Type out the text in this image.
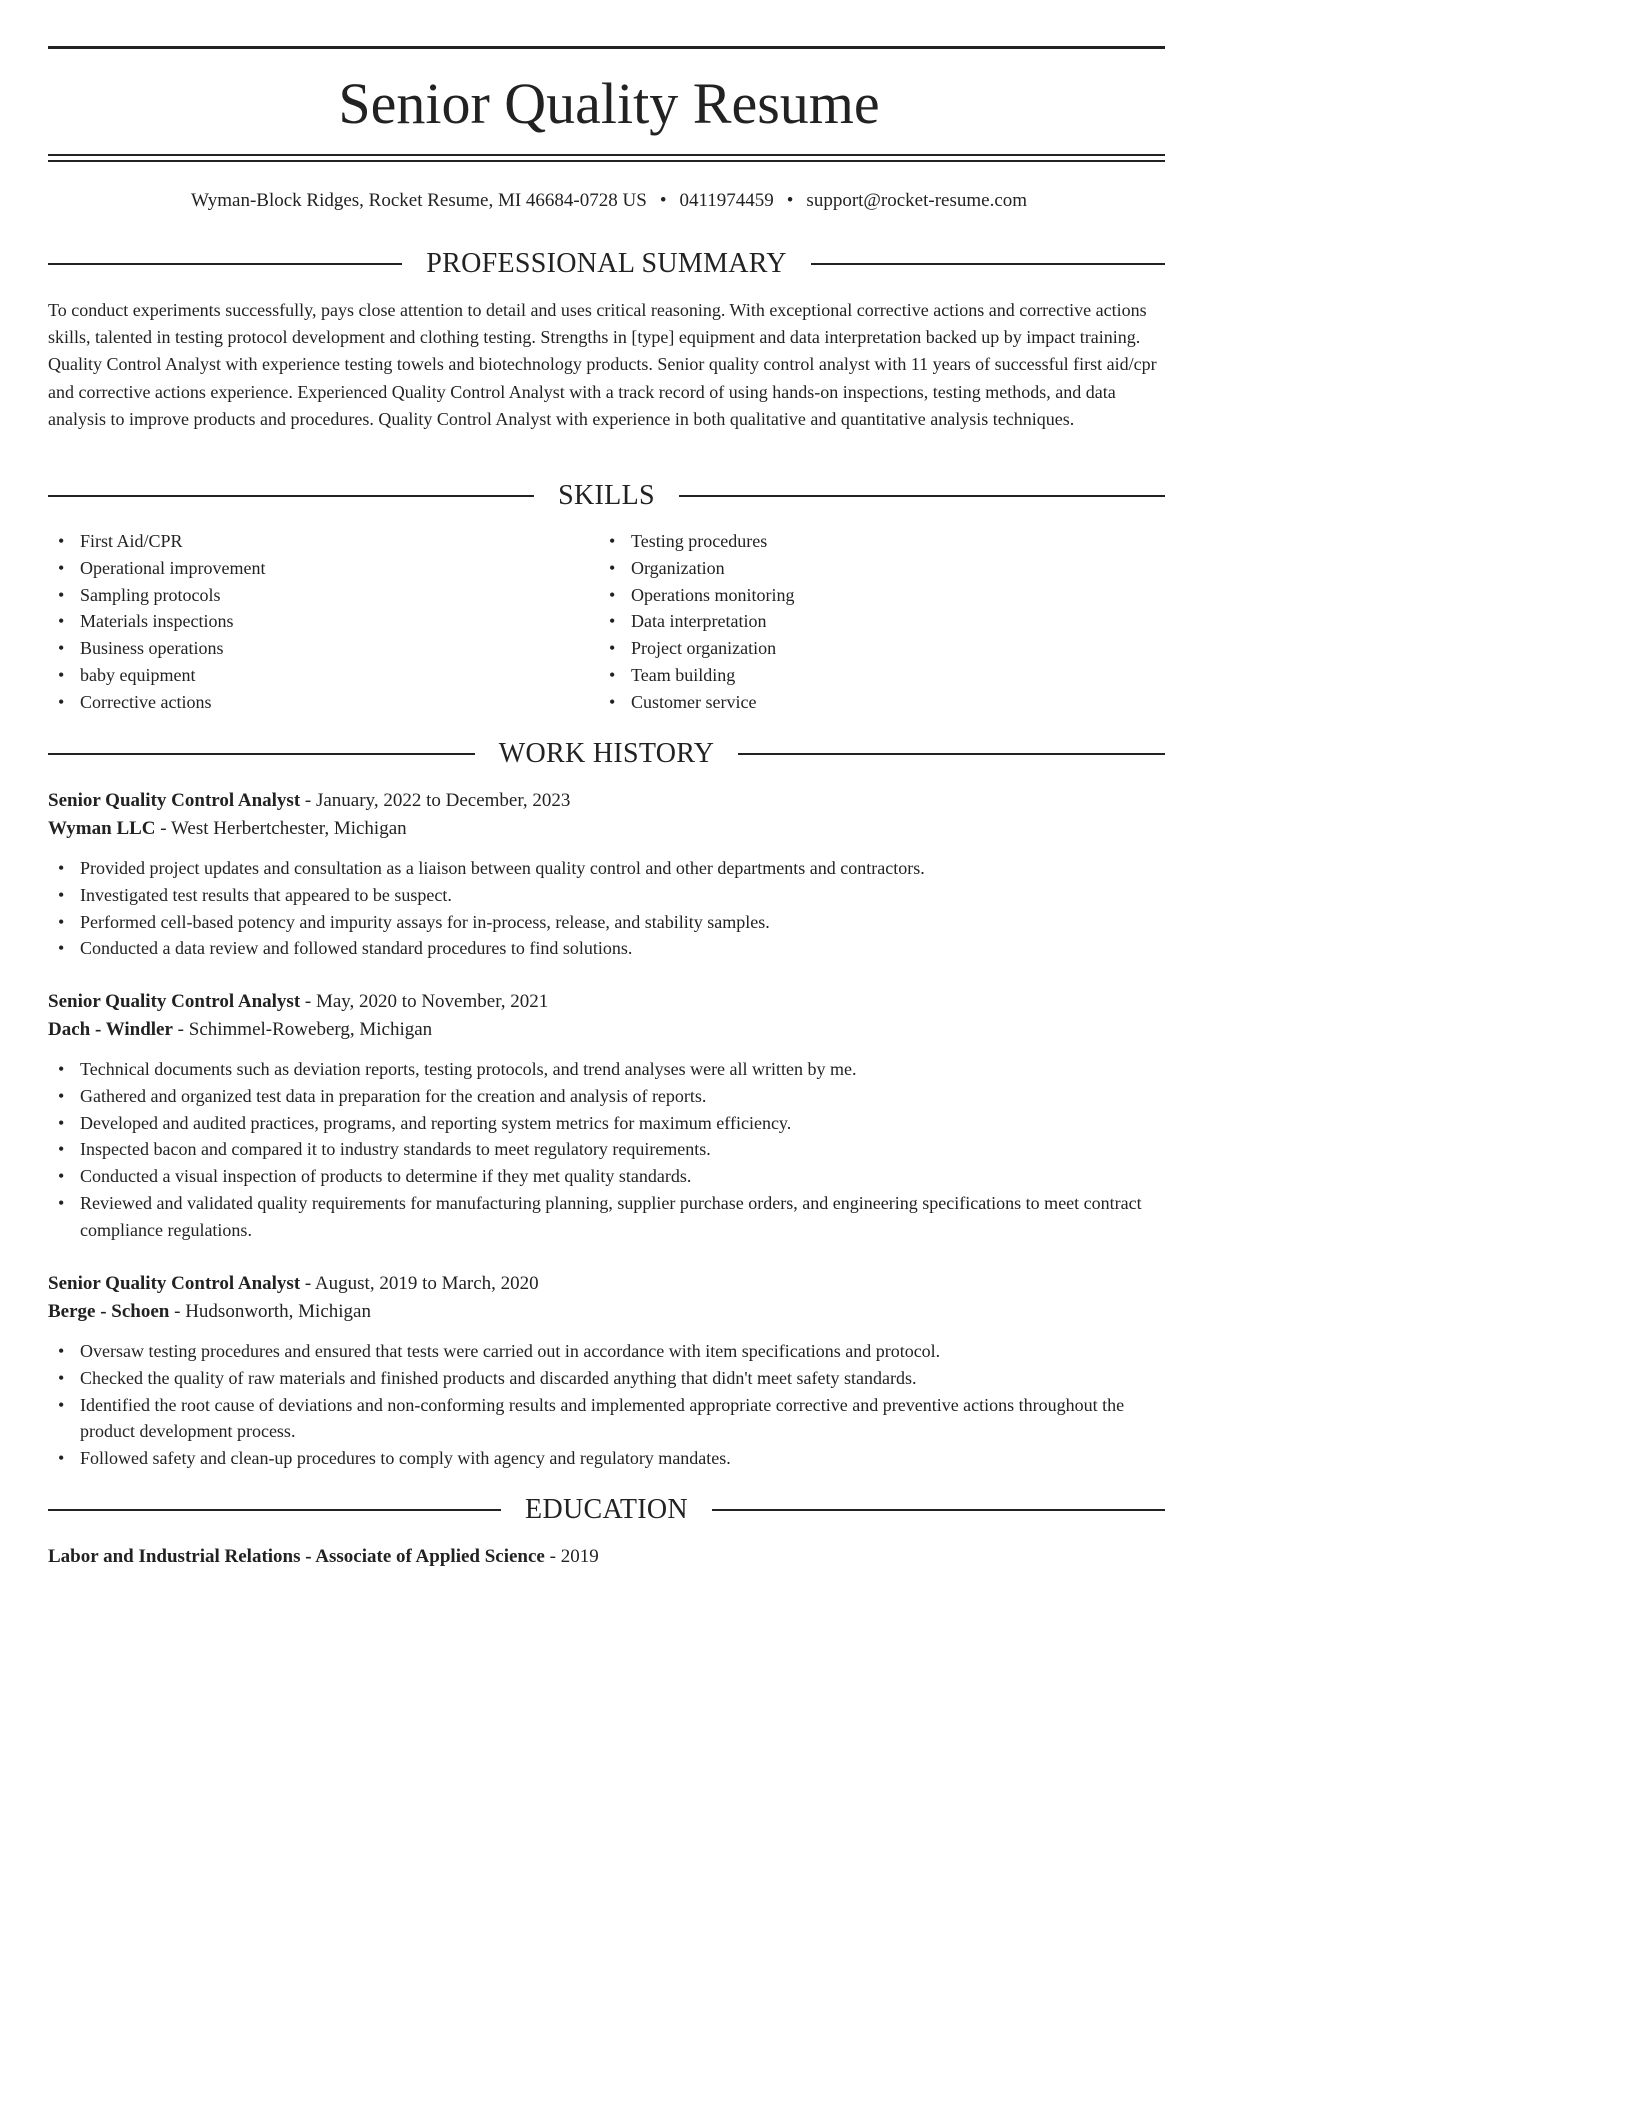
Senior Quality Resume
Wyman-Block Ridges, Rocket Resume, MI 46684-0728 US • 0411974459 • support@rocket-resume.com
PROFESSIONAL SUMMARY

To conduct experiments successfully, pays close attention to detail and uses critical reasoning. With exceptional corrective actions and corrective actions skills, talented in testing protocol development and clothing testing. Strengths in [type] equipment and data interpretation backed up by impact training. Quality Control Analyst with experience testing towels and biotechnology products. Senior quality control analyst with 11 years of successful first aid/cpr and corrective actions experience. Experienced Quality Control Analyst with a track record of using hands-on inspections, testing methods, and data analysis to improve products and procedures. Quality Control Analyst with experience in both qualitative and quantitative analysis techniques.

SKILLS
• First Aid/CPR
• Operational improvement
• Sampling protocols
• Materials inspections
• Business operations
• baby equipment
• Corrective actions
• Testing procedures
• Organization
• Operations monitoring
• Data interpretation
• Project organization
• Team building
• Customer service
WORK HISTORY
Senior Quality Control Analyst - January, 2022 to December, 2023
Wyman LLC - West Herbertchester, Michigan
• Provided project updates and consultation as a liaison between quality control and other departments and contractors.
• Investigated test results that appeared to be suspect.
• Performed cell-based potency and impurity assays for in-process, release, and stability samples.
• Conducted a data review and followed standard procedures to find solutions.
Senior Quality Control Analyst - May, 2020 to November, 2021
Dach - Windler - Schimmel-Roweberg, Michigan
• Technical documents such as deviation reports, testing protocols, and trend analyses were all written by me.
• Gathered and organized test data in preparation for the creation and analysis of reports.
• Developed and audited practices, programs, and reporting system metrics for maximum efficiency.
• Inspected bacon and compared it to industry standards to meet regulatory requirements.
• Conducted a visual inspection of products to determine if they met quality standards.
• Reviewed and validated quality requirements for manufacturing planning, supplier purchase orders, and engineering specifications to meet contract compliance regulations.
Senior Quality Control Analyst - August, 2019 to March, 2020
Berge - Schoen - Hudsonworth, Michigan
• Oversaw testing procedures and ensured that tests were carried out in accordance with item specifications and protocol.
• Checked the quality of raw materials and finished products and discarded anything that didn't meet safety standards.
• Identified the root cause of deviations and non-conforming results and implemented appropriate corrective and preventive actions throughout the product development process.
• Followed safety and clean-up procedures to comply with agency and regulatory mandates.
EDUCATION
Labor and Industrial Relations - Associate of Applied Science - 2019
